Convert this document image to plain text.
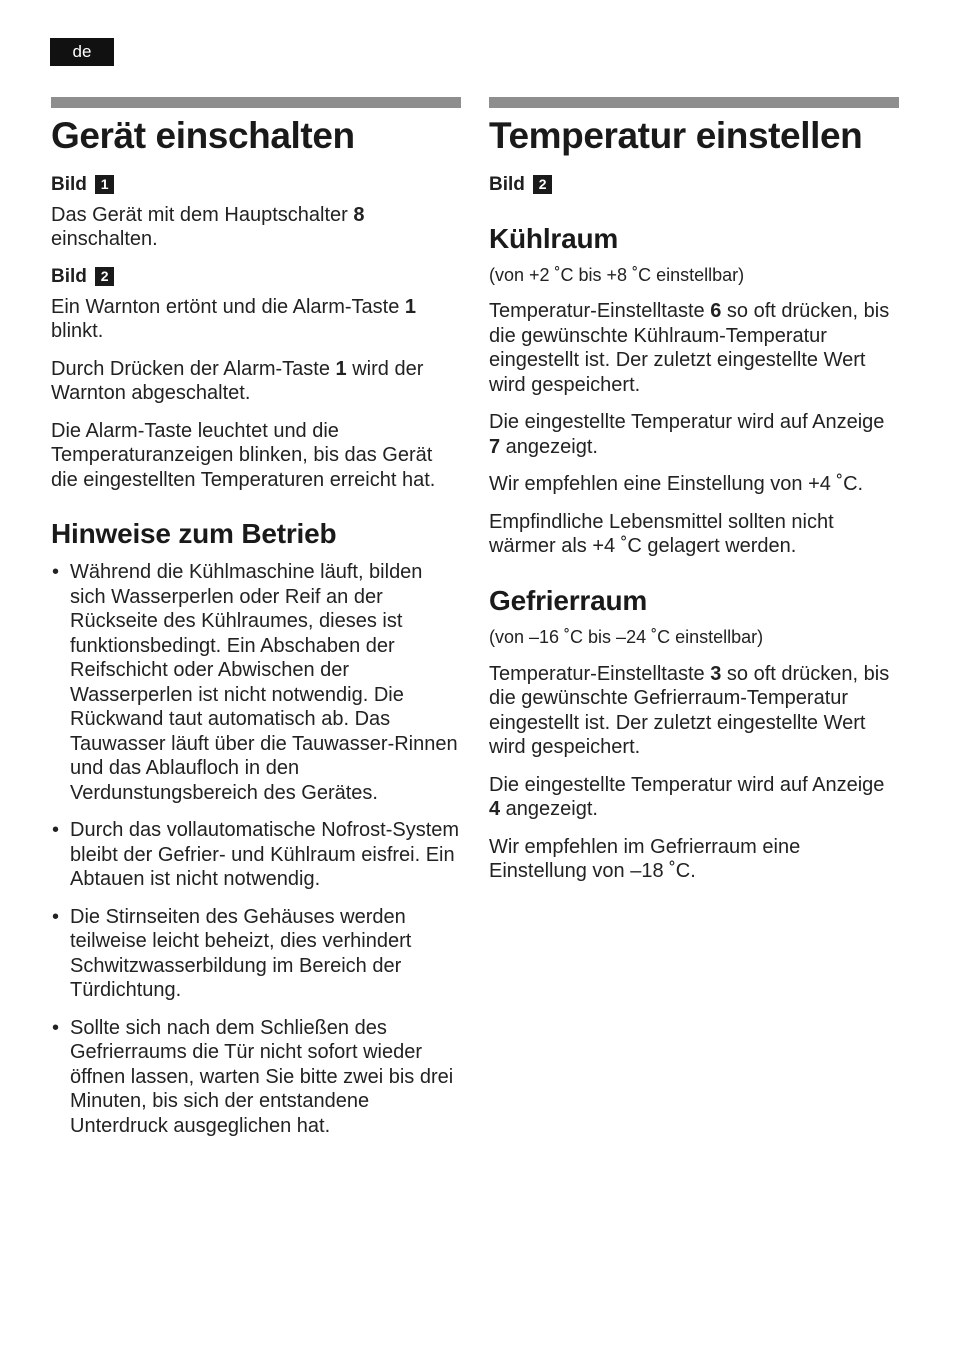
de
Gerät einschalten
Bild 1

Das Gerät mit dem Hauptschalter 8 einschalten.

Bild 2

Ein Warnton ertönt und die Alarm-Taste 1 blinkt.

Durch Drücken der Alarm-Taste 1 wird der Warnton abgeschaltet.

Die Alarm-Taste leuchtet und die Temperaturanzeigen blinken, bis das Gerät die eingestellten Temperaturen erreicht hat.

Hinweise zum Betrieb
• Während die Kühlmaschine läuft, bilden sich Wasserperlen oder Reif an der Rückseite des Kühlraumes, dieses ist funktionsbedingt. Ein Abschaben der Reifschicht oder Abwischen der Wasserperlen ist nicht notwendig. Die Rückwand taut automatisch ab. Das Tauwasser läuft über die Tauwasser-Rinnen und das Ablaufloch in den Verdunstungsbereich des Gerätes.
• Durch das vollautomatische Nofrost-System bleibt der Gefrier- und Kühlraum eisfrei. Ein Abtauen ist nicht notwendig.
• Die Stirnseiten des Gehäuses werden teilweise leicht beheizt, dies verhindert Schwitzwasserbildung im Bereich der Türdichtung.
• Sollte sich nach dem Schließen des Gefrierraums die Tür nicht sofort wieder öffnen lassen, warten Sie bitte zwei bis drei Minuten, bis sich der entstandene Unterdruck ausgeglichen hat.
Temperatur einstellen
Bild 2
Kühlraum

(von +2 ˚C bis +8 ˚C einstellbar)

Temperatur-Einstelltaste 6 so oft drücken, bis die gewünschte Kühlraum-Temperatur eingestellt ist. Der zuletzt eingestellte Wert wird gespeichert.

Die eingestellte Temperatur wird auf Anzeige 7 angezeigt.

Wir empfehlen eine Einstellung von +4 ˚C.

Empfindliche Lebensmittel sollten nicht wärmer als +4 ˚C gelagert werden.

Gefrierraum

(von –16 ˚C bis –24 ˚C einstellbar)

Temperatur-Einstelltaste 3 so oft drücken, bis die gewünschte Gefrierraum-Temperatur eingestellt ist. Der zuletzt eingestellte Wert wird gespeichert.

Die eingestellte Temperatur wird auf Anzeige 4 angezeigt.

Wir empfehlen im Gefrierraum eine Einstellung von –18 ˚C.
